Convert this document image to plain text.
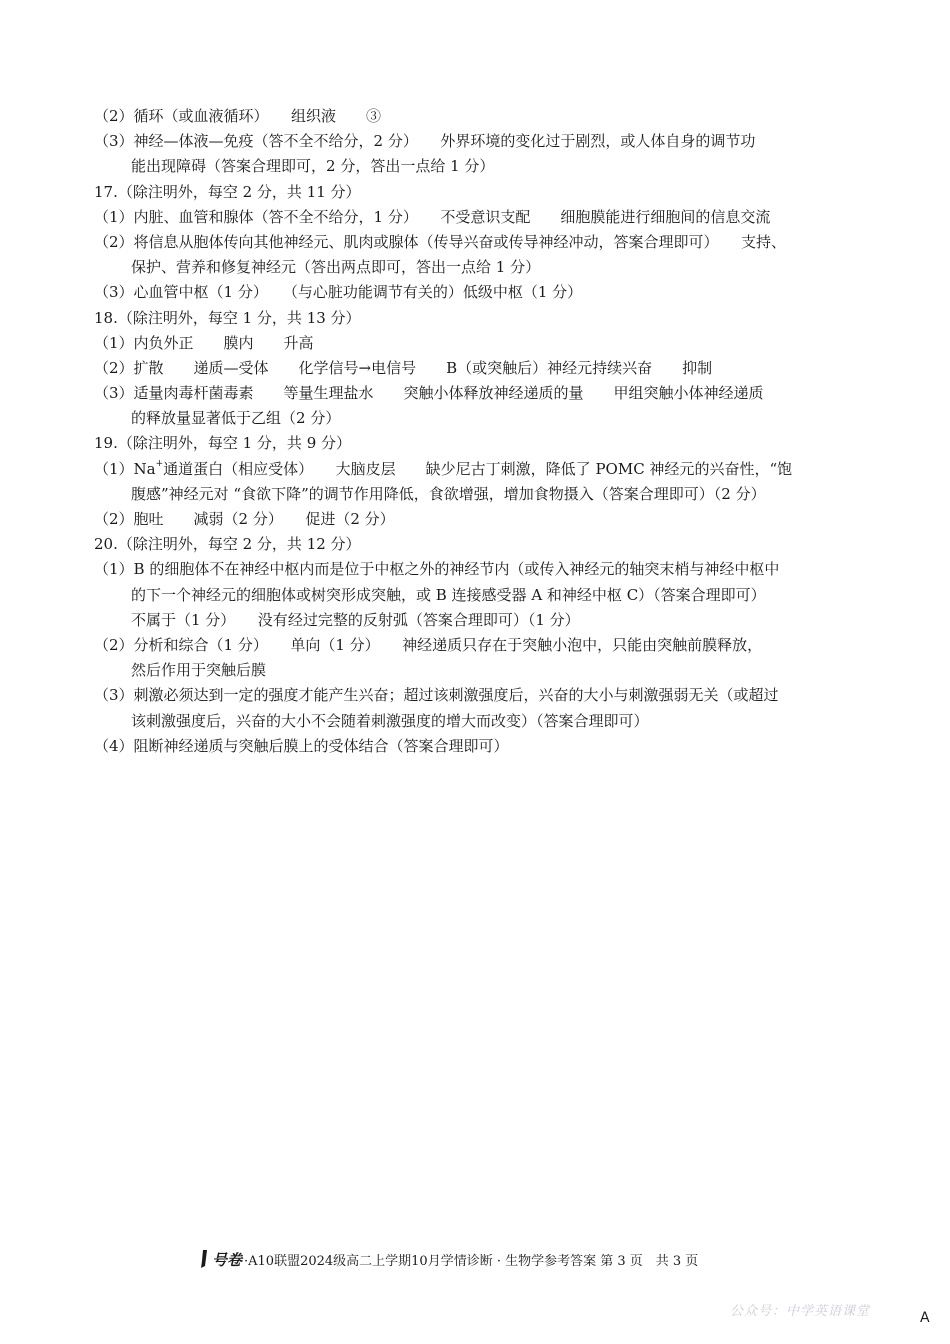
（2）循环（或血液循环）　　组织液　　③
（3）神经—体液—免疫（答不全不给分，2 分）　　外界环境的变化过于剧烈，或人体自身的调节功
能出现障碍（答案合理即可，2 分，答出一点给 1 分）
17.（除注明外，每空 2 分，共 11 分）
（1）内脏、血管和腺体（答不全不给分，1 分）　　不受意识支配　　细胞膜能进行细胞间的信息交流
（2）将信息从胞体传向其他神经元、肌肉或腺体（传导兴奋或传导神经冲动，答案合理即可）　　支持、
保护、营养和修复神经元（答出两点即可，答出一点给 1 分）
（3）心血管中枢（1 分）　　（与心脏功能调节有关的）低级中枢（1 分）
18.（除注明外，每空 1 分，共 13 分）
（1）内负外正　　膜内　　升高
（2）扩散　　递质—受体　　化学信号→电信号　　B（或突触后）神经元持续兴奋　　抑制
（3）适量肉毒杆菌毒素　　等量生理盐水　　突触小体释放神经递质的量　　甲组突触小体神经递质
的释放量显著低于乙组（2 分）
19.（除注明外，每空 1 分，共 9 分）
（1）Na+通道蛋白（相应受体）　　大脑皮层　　缺少尼古丁刺激，降低了 POMC 神经元的兴奋性，“饱
腹感”神经元对 “食欲下降”的调节作用降低，食欲增强，增加食物摄入（答案合理即可）（2 分）
（2）胞吐　　减弱（2 分）　　促进（2 分）
20.（除注明外，每空 2 分，共 12 分）
（1）B 的细胞体不在神经中枢内而是位于中枢之外的神经节内（或传入神经元的轴突末梢与神经中枢中
的下一个神经元的细胞体或树突形成突触，或 B 连接感受器 A 和神经中枢 C）（答案合理即可）
不属于（1 分）　　没有经过完整的反射弧（答案合理即可）（1 分）
（2）分析和综合（1 分）　　单向（1 分）　　神经递质只存在于突触小泡中，只能由突触前膜释放，
然后作用于突触后膜
（3）刺激必须达到一定的强度才能产生兴奋；超过该刺激强度后，兴奋的大小与刺激强弱无关（或超过
该刺激强度后，兴奋的大小不会随着刺激强度的增大而改变）（答案合理即可）
（4）阻断神经递质与突触后膜上的受体结合（答案合理即可）
号卷 ·A10联盟2024级高二上学期10月学情诊断 · 生物学参考答案 第 3 页　共 3 页
公众号：中学英语课堂	A
